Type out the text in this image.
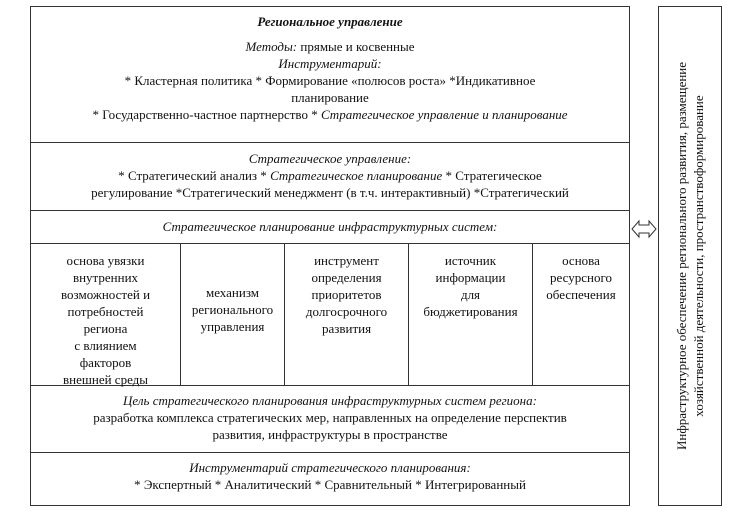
Региональное управление
Методы: прямые и косвенные
Инструментарий:
* Кластерная политика * Формирование «полюсов роста» *Индикативное
планирование
* Государственно-частное партнерство * Стратегическое управление и планирование
Стратегическое управление:
* Стратегический анализ * Стратегическое планирование * Стратегическое
регулирование *Стратегический менеджмент (в т.ч. интерактивный) *Стратегический
Стратегическое планирование инфраструктурных систем:
основа увязки
внутренних
возможностей и
потребностей
региона
с влиянием
факторов
внешней среды
механизм
регионального
управления
инструмент
определения
приоритетов
долгосрочного
развития
источник
информации
для
бюджетирования
основа
ресурсного
обеспечения
Цель стратегического планирования инфраструктурных систем региона:
разработка комплекса стратегических мер, направленных на определение перспектив
развития, инфраструктуры в пространстве
Инструментарий стратегического планирования:
* Экспертный * Аналитический * Сравнительный * Интегрированный
Инфраструктурное обеспечение регионального развития, размещение хозяйственной деятельности, пространствоформирование
